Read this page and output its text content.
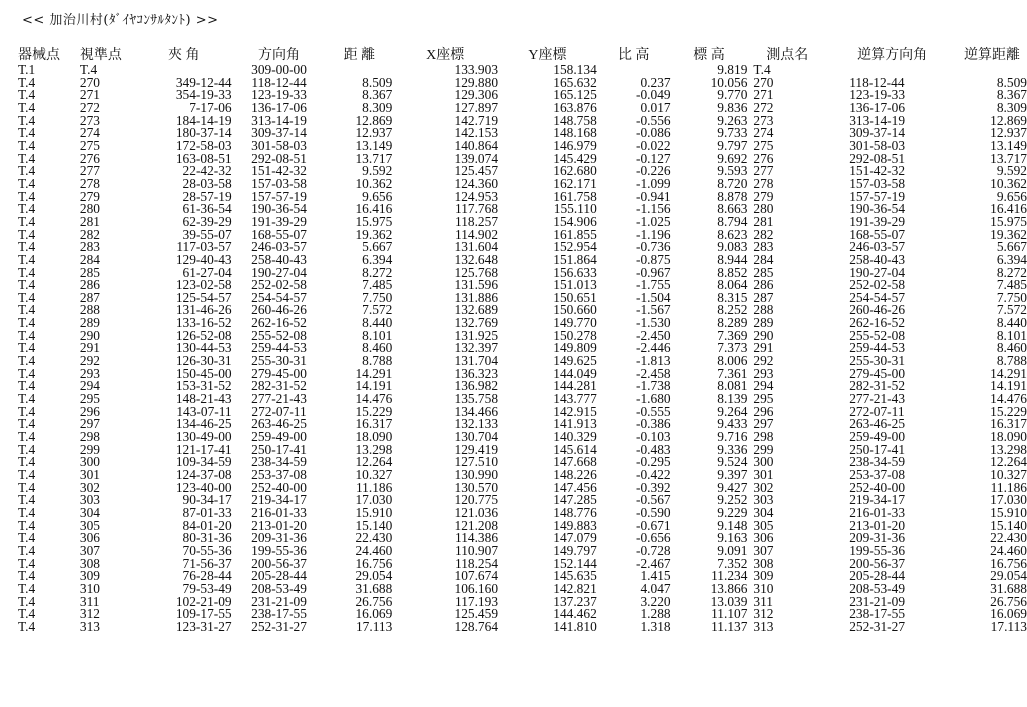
<< 加治川村(ﾀﾞｲﾔｺﾝｻﾙﾀﾝﾄ) >>
器械点	視準点	夾 角	方向角	距 離	X座標	Y座標	比 高	標 高	測点名	逆算方向角	逆算距離
T.1	T.4		309-00-00		133.903	158.134		9.819	T.4		
T.4	270	349-12-44	118-12-44	8.509	129.880	165.632	0.237	10.056	270	118-12-44	8.509
T.4	271	354-19-33	123-19-33	8.367	129.306	165.125	-0.049	9.770	271	123-19-33	8.367
T.4	272	7-17-06	136-17-06	8.309	127.897	163.876	0.017	9.836	272	136-17-06	8.309
T.4	273	184-14-19	313-14-19	12.869	142.719	148.758	-0.556	9.263	273	313-14-19	12.869
T.4	274	180-37-14	309-37-14	12.937	142.153	148.168	-0.086	9.733	274	309-37-14	12.937
T.4	275	172-58-03	301-58-03	13.149	140.864	146.979	-0.022	9.797	275	301-58-03	13.149
T.4	276	163-08-51	292-08-51	13.717	139.074	145.429	-0.127	9.692	276	292-08-51	13.717
T.4	277	22-42-32	151-42-32	9.592	125.457	162.680	-0.226	9.593	277	151-42-32	9.592
T.4	278	28-03-58	157-03-58	10.362	124.360	162.171	-1.099	8.720	278	157-03-58	10.362
T.4	279	28-57-19	157-57-19	9.656	124.953	161.758	-0.941	8.878	279	157-57-19	9.656
T.4	280	61-36-54	190-36-54	16.416	117.768	155.110	-1.156	8.663	280	190-36-54	16.416
T.4	281	62-39-29	191-39-29	15.975	118.257	154.906	-1.025	8.794	281	191-39-29	15.975
T.4	282	39-55-07	168-55-07	19.362	114.902	161.855	-1.196	8.623	282	168-55-07	19.362
T.4	283	117-03-57	246-03-57	5.667	131.604	152.954	-0.736	9.083	283	246-03-57	5.667
T.4	284	129-40-43	258-40-43	6.394	132.648	151.864	-0.875	8.944	284	258-40-43	6.394
T.4	285	61-27-04	190-27-04	8.272	125.768	156.633	-0.967	8.852	285	190-27-04	8.272
T.4	286	123-02-58	252-02-58	7.485	131.596	151.013	-1.755	8.064	286	252-02-58	7.485
T.4	287	125-54-57	254-54-57	7.750	131.886	150.651	-1.504	8.315	287	254-54-57	7.750
T.4	288	131-46-26	260-46-26	7.572	132.689	150.660	-1.567	8.252	288	260-46-26	7.572
T.4	289	133-16-52	262-16-52	8.440	132.769	149.770	-1.530	8.289	289	262-16-52	8.440
T.4	290	126-52-08	255-52-08	8.101	131.925	150.278	-2.450	7.369	290	255-52-08	8.101
T.4	291	130-44-53	259-44-53	8.460	132.397	149.809	-2.446	7.373	291	259-44-53	8.460
T.4	292	126-30-31	255-30-31	8.788	131.704	149.625	-1.813	8.006	292	255-30-31	8.788
T.4	293	150-45-00	279-45-00	14.291	136.323	144.049	-2.458	7.361	293	279-45-00	14.291
T.4	294	153-31-52	282-31-52	14.191	136.982	144.281	-1.738	8.081	294	282-31-52	14.191
T.4	295	148-21-43	277-21-43	14.476	135.758	143.777	-1.680	8.139	295	277-21-43	14.476
T.4	296	143-07-11	272-07-11	15.229	134.466	142.915	-0.555	9.264	296	272-07-11	15.229
T.4	297	134-46-25	263-46-25	16.317	132.133	141.913	-0.386	9.433	297	263-46-25	16.317
T.4	298	130-49-00	259-49-00	18.090	130.704	140.329	-0.103	9.716	298	259-49-00	18.090
T.4	299	121-17-41	250-17-41	13.298	129.419	145.614	-0.483	9.336	299	250-17-41	13.298
T.4	300	109-34-59	238-34-59	12.264	127.510	147.668	-0.295	9.524	300	238-34-59	12.264
T.4	301	124-37-08	253-37-08	10.327	130.990	148.226	-0.422	9.397	301	253-37-08	10.327
T.4	302	123-40-00	252-40-00	11.186	130.570	147.456	-0.392	9.427	302	252-40-00	11.186
T.4	303	90-34-17	219-34-17	17.030	120.775	147.285	-0.567	9.252	303	219-34-17	17.030
T.4	304	87-01-33	216-01-33	15.910	121.036	148.776	-0.590	9.229	304	216-01-33	15.910
T.4	305	84-01-20	213-01-20	15.140	121.208	149.883	-0.671	9.148	305	213-01-20	15.140
T.4	306	80-31-36	209-31-36	22.430	114.386	147.079	-0.656	9.163	306	209-31-36	22.430
T.4	307	70-55-36	199-55-36	24.460	110.907	149.797	-0.728	9.091	307	199-55-36	24.460
T.4	308	71-56-37	200-56-37	16.756	118.254	152.144	-2.467	7.352	308	200-56-37	16.756
T.4	309	76-28-44	205-28-44	29.054	107.674	145.635	1.415	11.234	309	205-28-44	29.054
T.4	310	79-53-49	208-53-49	31.688	106.160	142.821	4.047	13.866	310	208-53-49	31.688
T.4	311	102-21-09	231-21-09	26.756	117.193	137.237	3.220	13.039	311	231-21-09	26.756
T.4	312	109-17-55	238-17-55	16.069	125.459	144.462	1.288	11.107	312	238-17-55	16.069
T.4	313	123-31-27	252-31-27	17.113	128.764	141.810	1.318	11.137	313	252-31-27	17.113
